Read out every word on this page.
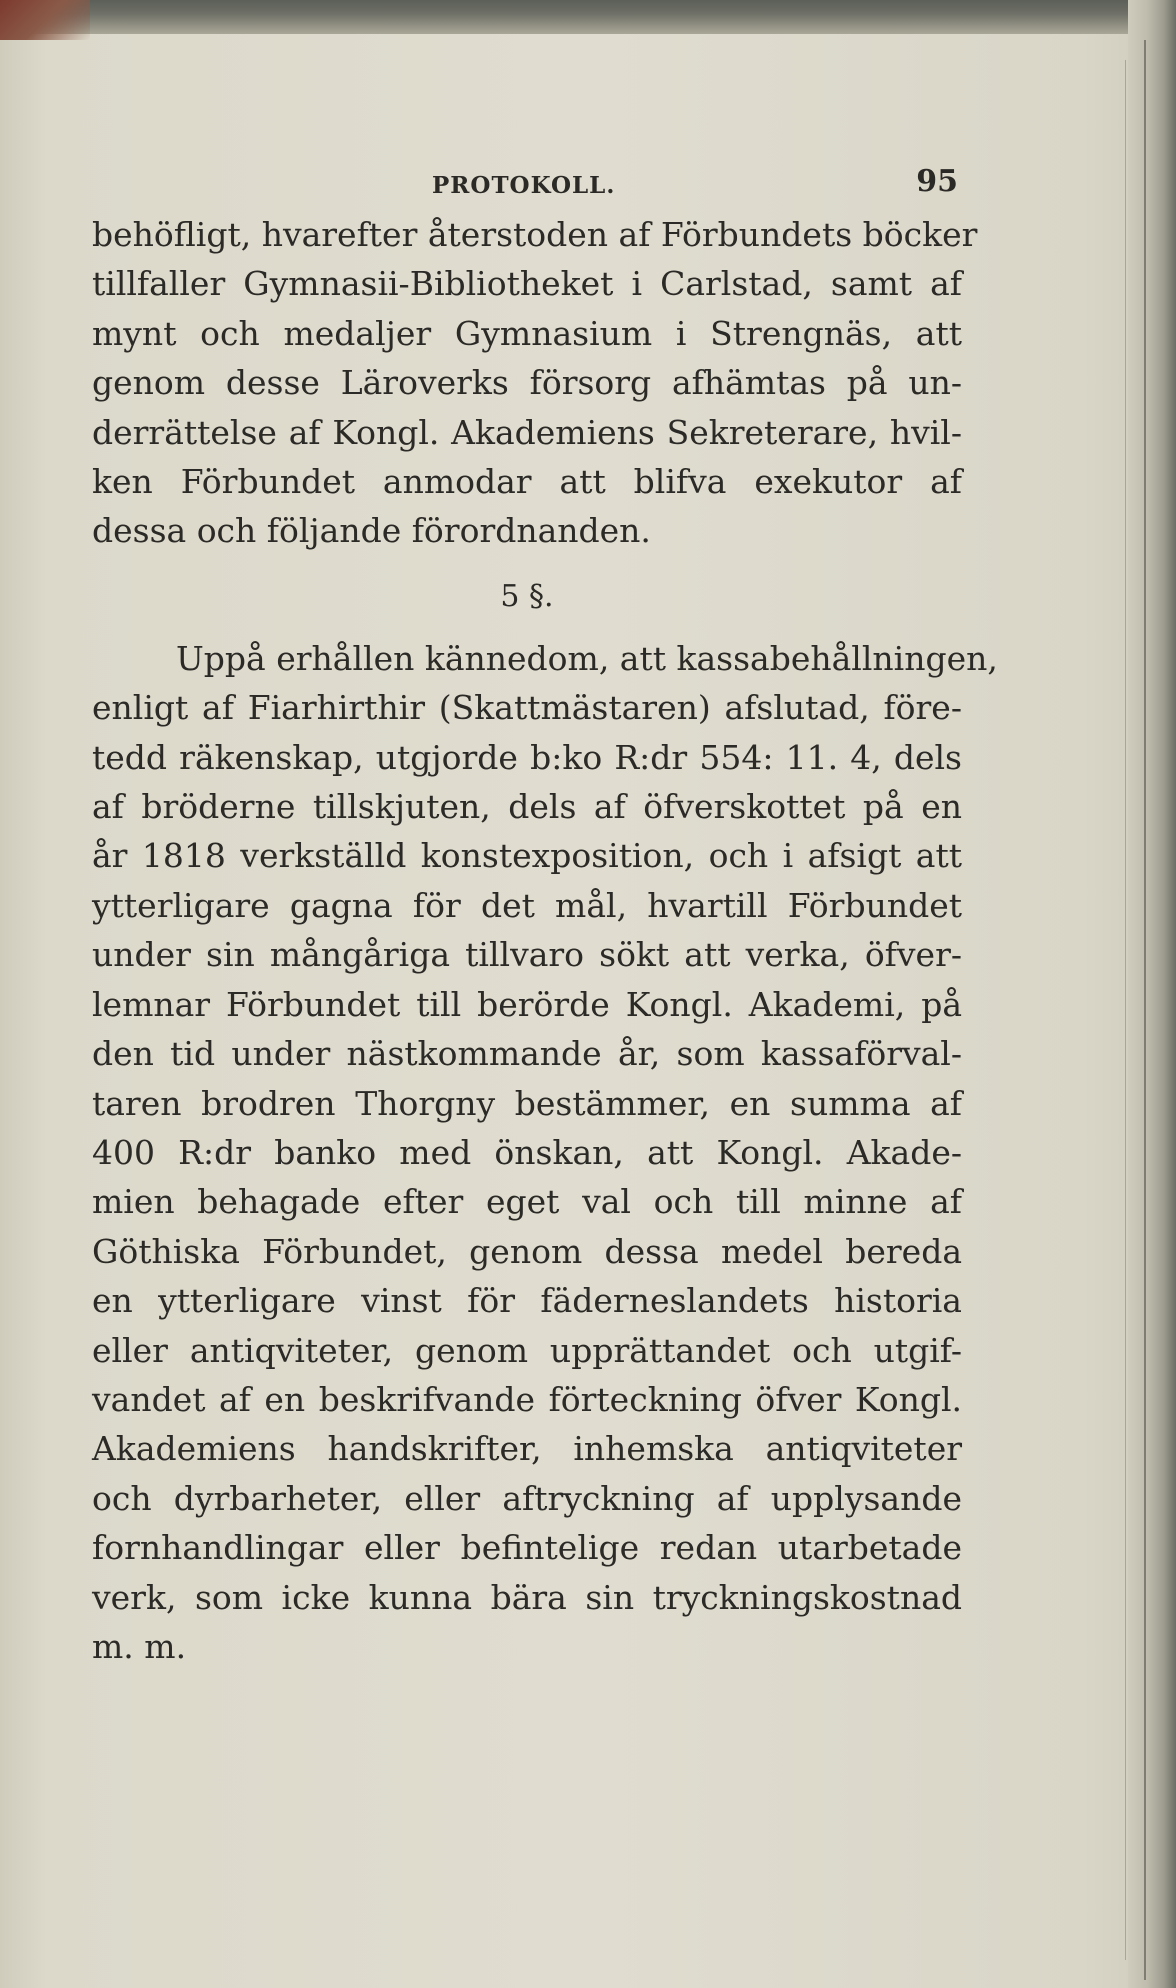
PROTOKOLL.	95

behöfligt, hvarefter återstoden af Förbundets böcker
tillfaller Gymnasii-Bibliotheket i Carlstad, samt af
mynt och medaljer Gymnasium i Strengnäs, att
genom desse Läroverks försorg afhämtas på un-
derrättelse af Kongl. Akademiens Sekreterare, hvil-
ken Förbundet anmodar att blifva exekutor af
dessa och följande förordnanden.

5 §.

Uppå erhållen kännedom, att kassabehållningen,
enligt af Fiarhirthir (Skattmästaren) afslutad, före-
tedd räkenskap, utgjorde b:ko R:dr 554: 11. 4, dels
af bröderne tillskjuten, dels af öfverskottet på en
år 1818 verkställd konstexposition, och i afsigt att
ytterligare gagna för det mål, hvartill Förbundet
under sin mångåriga tillvaro sökt att verka, öfver-
lemnar Förbundet till berörde Kongl. Akademi, på
den tid under nästkommande år, som kassaförval-
taren brodren Thorgny bestämmer, en summa af
400 R:dr banko med önskan, att Kongl. Akade-
mien behagade efter eget val och till minne af
Göthiska Förbundet, genom dessa medel bereda
en ytterligare vinst för fäderneslandets historia
eller antiqviteter, genom upprättandet och utgif-
vandet af en beskrifvande förteckning öfver Kongl.
Akademiens handskrifter, inhemska antiqviteter
och dyrbarheter, eller aftryckning af upplysande
fornhandlingar eller befintelige redan utarbetade
verk, som icke kunna bära sin tryckningskostnad
m. m.
